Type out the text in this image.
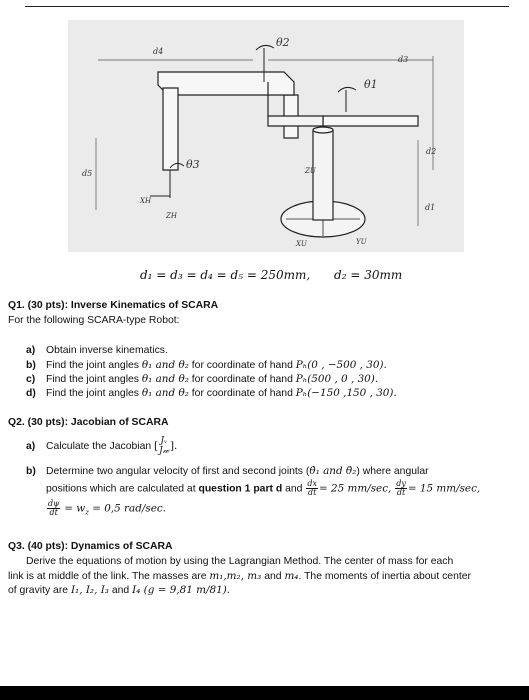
θ2
θ1
θ3
d4
d3
d2
d1
d5
XH
ZH
ZU
XU	YU
d₁ = d₃ = d₄ = d₅ = 250mm, d₂ = 30mm
Q1. (30 pts): Inverse Kinematics of SCARA
For the following SCARA-type Robot:
a) Obtain inverse kinematics.
b) Find the joint angles θ₁ and θ₂ for coordinate of hand Pₕ(0 , −500 , 30).
c) Find the joint angles θ₁ and θ₂ for coordinate of hand Pₕ(500 , 0 , 30).
d) Find the joint angles θ₁ and θ₂ for coordinate of hand Pₕ(−150 ,150 , 30).
Q2. (30 pts): Jacobian of SCARA
a) Calculate the Jacobian [ Jᵥ
J𝓌 ].
b) Determine two angular velocity of first and second joints (θ̇₁ and θ̇₂) where angular
positions which are calculated at question 1 part d and $\frac{dx}{dt} = 25$ mm/sec, $\frac{dy}{dt} = 15$ mm/sec,
$\frac{d\psi}{dt} = w_z = 0,5$ rad/sec.
Q3. (40 pts): Dynamics of SCARA
Derive the equations of motion by using the Lagrangian Method. The center of mass for each
link is at middle of the link. The masses are m₁,m₂, m₃ and m₄. The moments of inertia about center
of gravity are I₁, I₂, I₃ and I₄ (g = 9,81 m/81).
